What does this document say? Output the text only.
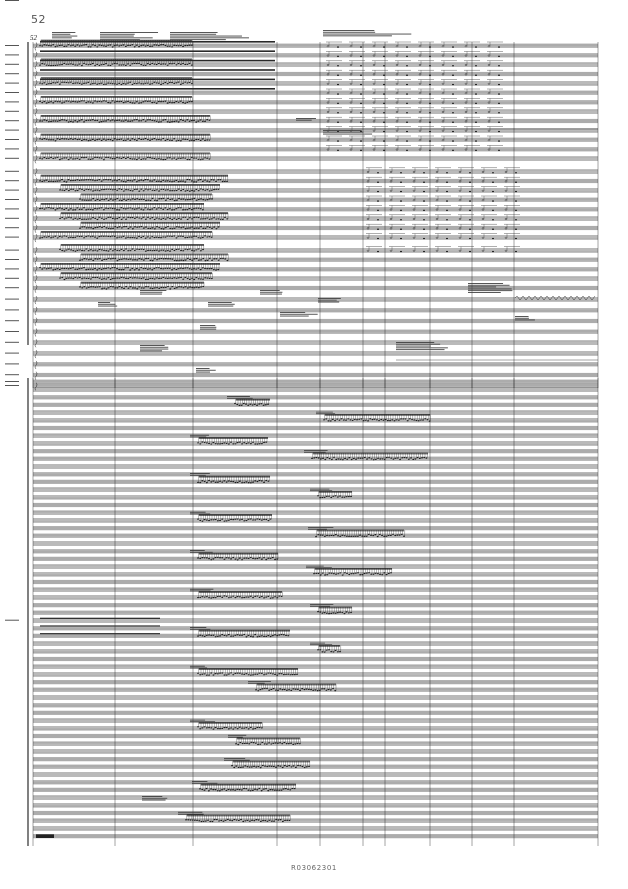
52
52
R03062301
